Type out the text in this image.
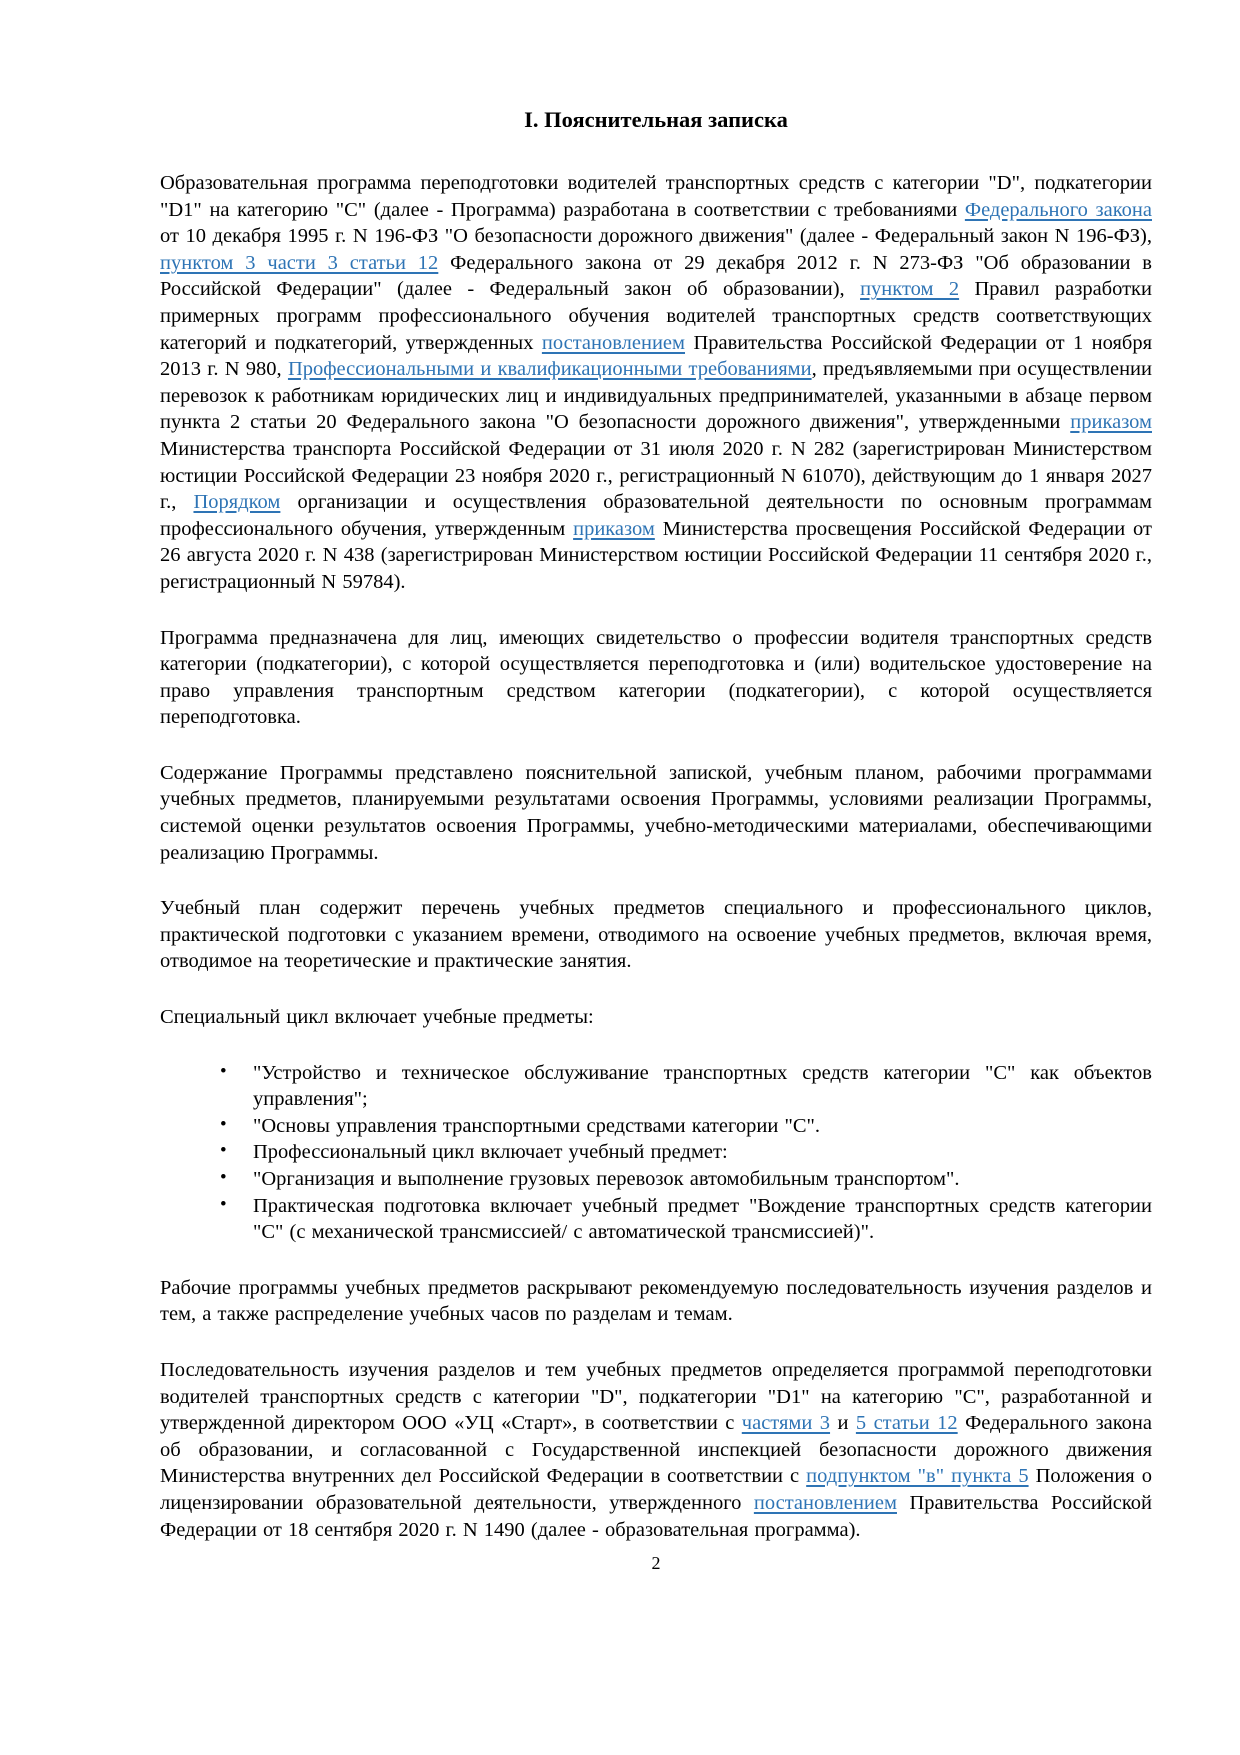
I. Пояснительная записка

Образовательная программа переподготовки водителей транспортных средств с категории "D", подкатегории "D1" на категорию "С" (далее - Программа) разработана в соответствии с требованиями Федерального закона от 10 декабря 1995 г. N 196-ФЗ "О безопасности дорожного движения" (далее - Федеральный закон N 196-ФЗ), пунктом 3 части 3 статьи 12 Федерального закона от 29 декабря 2012 г. N 273-ФЗ "Об образовании в Российской Федерации" (далее - Федеральный закон об образовании), пунктом 2 Правил разработки примерных программ профессионального обучения водителей транспортных средств соответствующих категорий и подкатегорий, утвержденных постановлением Правительства Российской Федерации от 1 ноября 2013 г. N 980, Профессиональными и квалификационными требованиями, предъявляемыми при осуществлении перевозок к работникам юридических лиц и индивидуальных предпринимателей, указанными в абзаце первом пункта 2 статьи 20 Федерального закона "О безопасности дорожного движения", утвержденными приказом Министерства транспорта Российской Федерации от 31 июля 2020 г. N 282 (зарегистрирован Министерством юстиции Российской Федерации 23 ноября 2020 г., регистрационный N 61070), действующим до 1 января 2027 г., Порядком организации и осуществления образовательной деятельности по основным программам профессионального обучения, утвержденным приказом Министерства просвещения Российской Федерации от 26 августа 2020 г. N 438 (зарегистрирован Министерством юстиции Российской Федерации 11 сентября 2020 г., регистрационный N 59784).

Программа предназначена для лиц, имеющих свидетельство о профессии водителя транспортных средств категории (подкатегории), с которой осуществляется переподготовка и (или) водительское удостоверение на право управления транспортным средством категории (подкатегории), с которой осуществляется переподготовка.

Содержание Программы представлено пояснительной запиской, учебным планом, рабочими программами учебных предметов, планируемыми результатами освоения Программы, условиями реализации Программы, системой оценки результатов освоения Программы, учебно-методическими материалами, обеспечивающими реализацию Программы.

Учебный план содержит перечень учебных предметов специального и профессионального циклов, практической подготовки с указанием времени, отводимого на освоение учебных предметов, включая время, отводимое на теоретические и практические занятия.

Специальный цикл включает учебные предметы:

• "Устройство и техническое обслуживание транспортных средств категории "С" как объектов управления";
• "Основы управления транспортными средствами категории "С".
• Профессиональный цикл включает учебный предмет:
• "Организация и выполнение грузовых перевозок автомобильным транспортом".
• Практическая подготовка включает учебный предмет "Вождение транспортных средств категории "С" (с механической трансмиссией/ с автоматической трансмиссией)".

Рабочие программы учебных предметов раскрывают рекомендуемую последовательность изучения разделов и тем, а также распределение учебных часов по разделам и темам.

Последовательность изучения разделов и тем учебных предметов определяется программой переподготовки водителей транспортных средств с категории "D", подкатегории "D1" на категорию "С", разработанной и утвержденной директором ООО «УЦ «Старт», в соответствии с частями 3 и 5 статьи 12 Федерального закона об образовании, и согласованной с Государственной инспекцией безопасности дорожного движения Министерства внутренних дел Российской Федерации в соответствии с подпунктом "в" пункта 5 Положения о лицензировании образовательной деятельности, утвержденного постановлением Правительства Российской Федерации от 18 сентября 2020 г. N 1490 (далее - образовательная программа).

2
